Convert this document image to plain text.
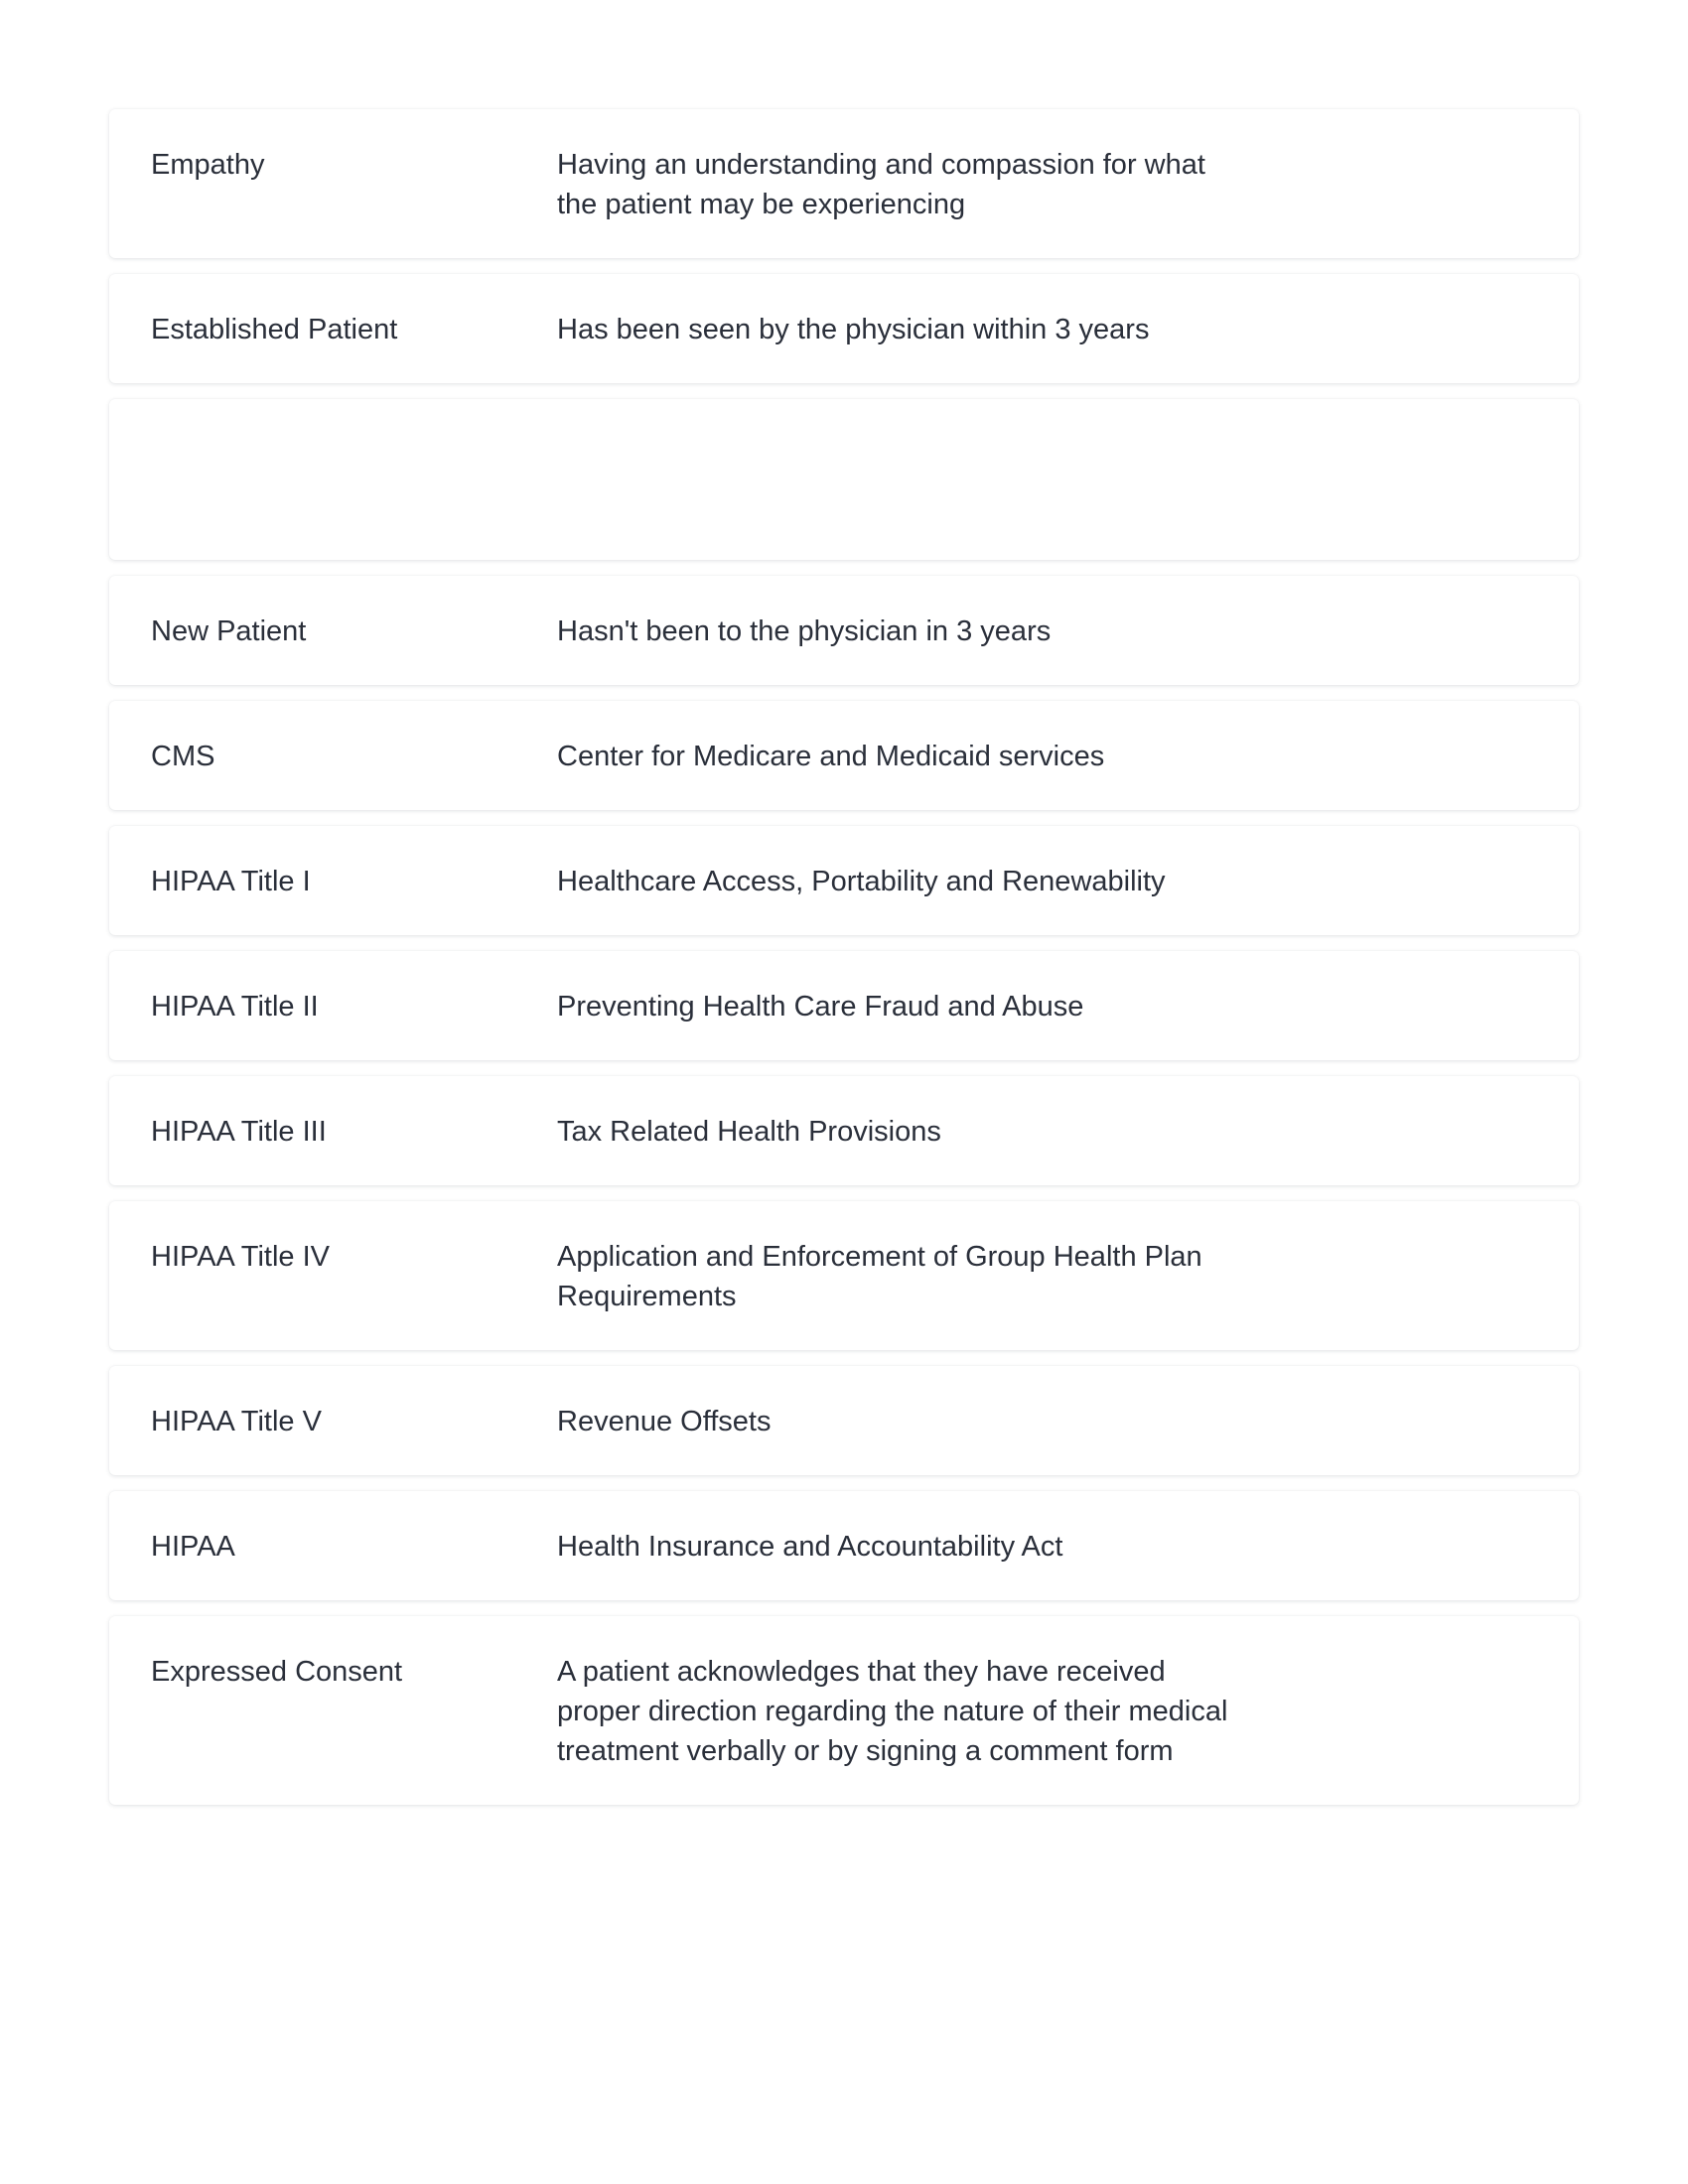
Empathy	Having an understanding and compassion for what the patient may be experiencing
Established Patient	Has been seen by the physician within 3 years
New Patient	Hasn't been to the physician in 3 years
CMS	Center for Medicare and Medicaid services
HIPAA Title I	Healthcare Access, Portability and Renewability
HIPAA Title II	Preventing Health Care Fraud and Abuse
HIPAA Title III	Tax Related Health Provisions
HIPAA Title IV	Application and Enforcement of Group Health Plan Requirements
HIPAA Title V	Revenue Offsets
HIPAA	Health Insurance and Accountability Act
Expressed Consent	A patient acknowledges that they have received proper direction regarding the nature of their medical treatment verbally or by signing a comment form
